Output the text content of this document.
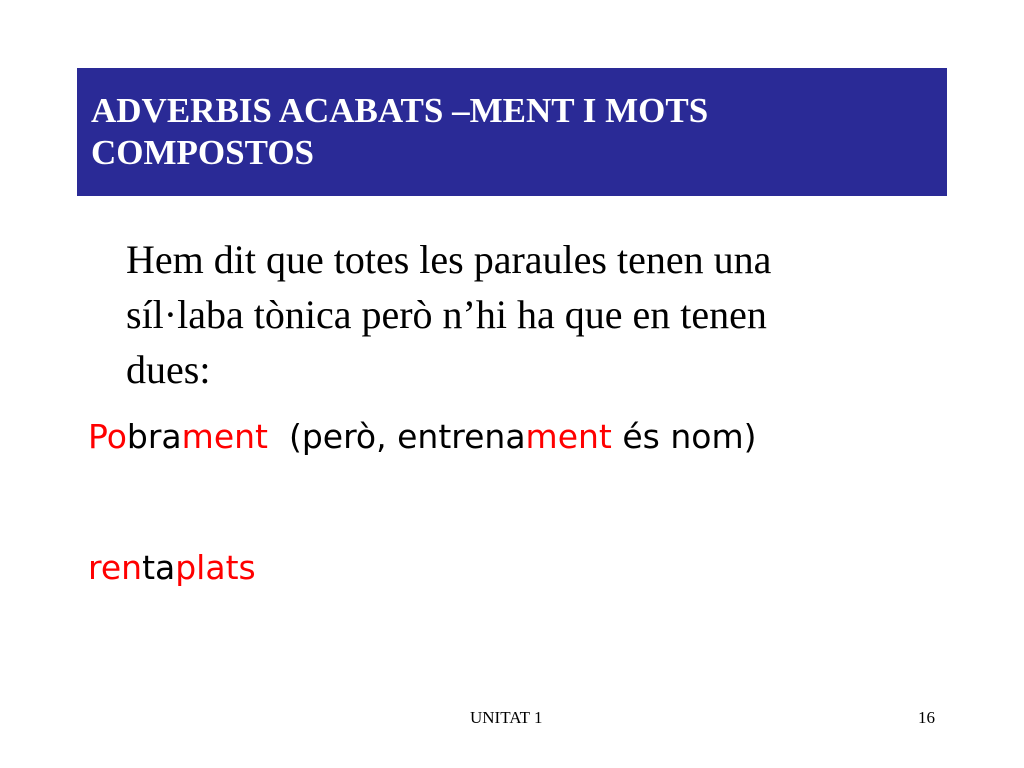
ADVERBIS ACABATS –MENT I MOTS
COMPOSTOS

Hem dit que totes les paraules tenen una
síl·laba tònica però n’hi ha que en tenen
dues:

Pobrament  (però, entrenament és nom)
rentaplats
UNITAT 1	16
